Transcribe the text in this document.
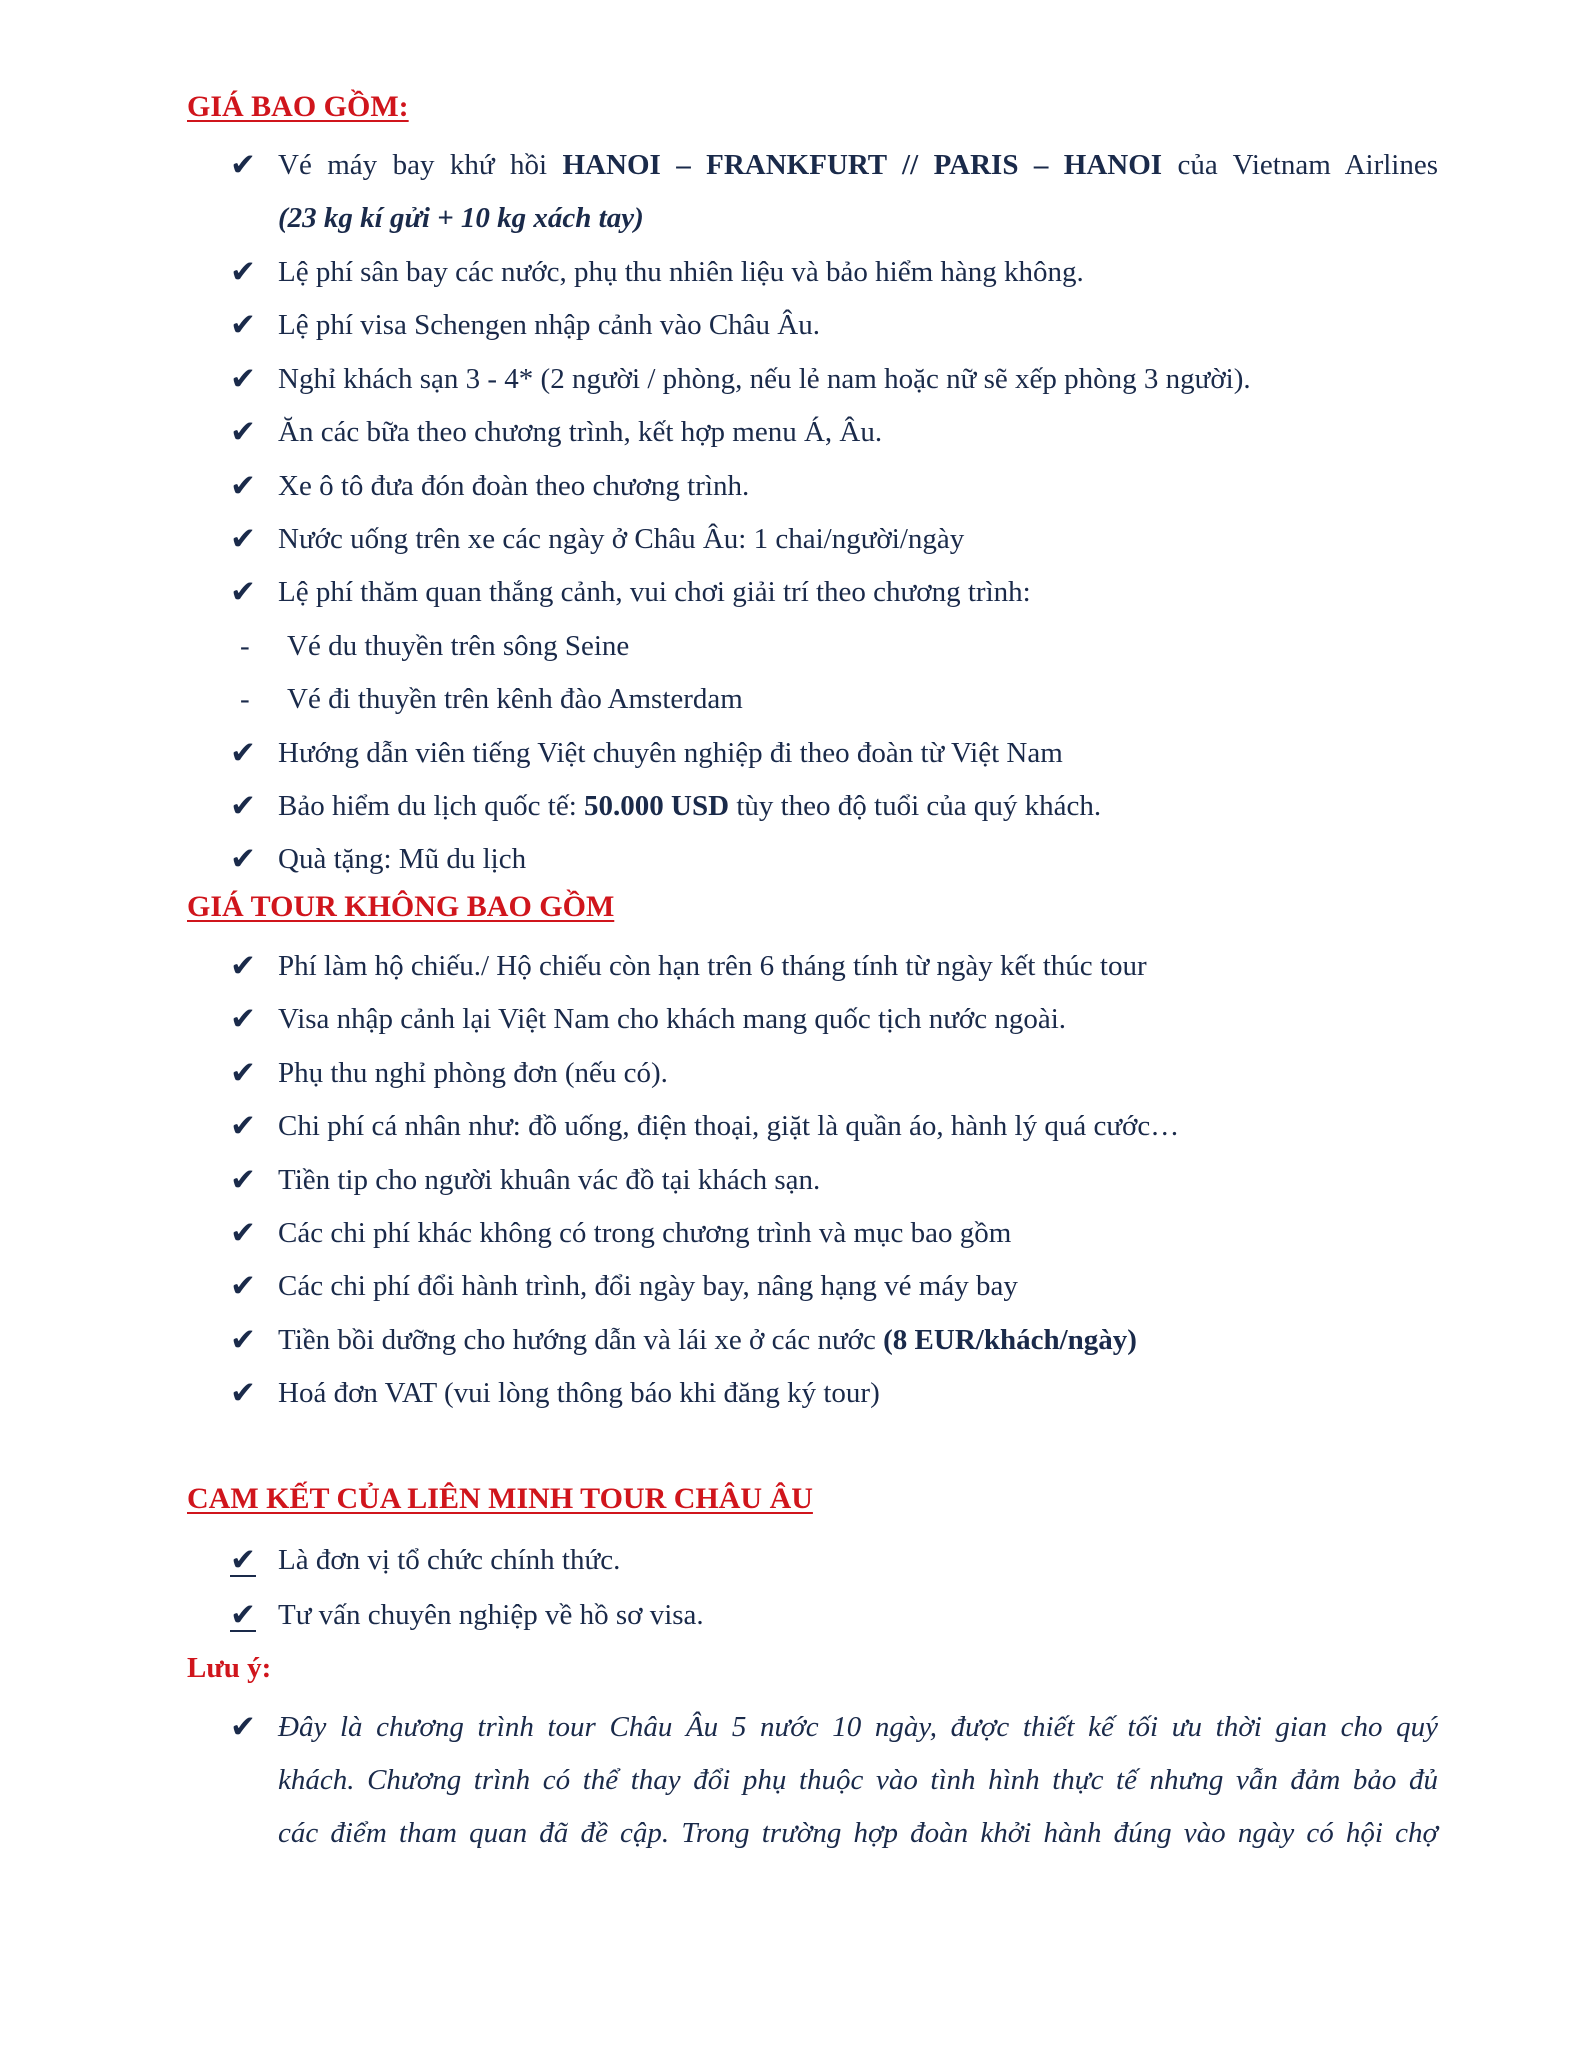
GIÁ BAO GỒM:
✔ Vé máy bay khứ hồi HANOI – FRANKFURT // PARIS – HANOI của Vietnam Airlines
(23 kg kí gửi + 10 kg xách tay)
✔ Lệ phí sân bay các nước, phụ thu nhiên liệu và bảo hiểm hàng không.
✔ Lệ phí visa Schengen nhập cảnh vào Châu Âu.
✔ Nghỉ khách sạn 3 - 4* (2 người / phòng, nếu lẻ nam hoặc nữ sẽ xếp phòng 3 người).
✔ Ăn các bữa theo chương trình, kết hợp menu Á, Âu.
✔ Xe ô tô đưa đón đoàn theo chương trình.
✔ Nước uống trên xe các ngày ở Châu Âu: 1 chai/người/ngày
✔ Lệ phí thăm quan thắng cảnh, vui chơi giải trí theo chương trình:
- Vé du thuyền trên sông Seine
- Vé đi thuyền trên kênh đào Amsterdam
✔ Hướng dẫn viên tiếng Việt chuyên nghiệp đi theo đoàn từ Việt Nam
✔ Bảo hiểm du lịch quốc tế: 50.000 USD tùy theo độ tuổi của quý khách.
✔ Quà tặng: Mũ du lịch
GIÁ TOUR KHÔNG BAO GỒM
✔ Phí làm hộ chiếu./ Hộ chiếu còn hạn trên 6 tháng tính từ ngày kết thúc tour
✔ Visa nhập cảnh lại Việt Nam cho khách mang quốc tịch nước ngoài.
✔ Phụ thu nghỉ phòng đơn (nếu có).
✔ Chi phí cá nhân như: đồ uống, điện thoại, giặt là quần áo, hành lý quá cước…
✔ Tiền tip cho người khuân vác đồ tại khách sạn.
✔ Các chi phí khác không có trong chương trình và mục bao gồm
✔ Các chi phí đổi hành trình, đổi ngày bay, nâng hạng vé máy bay
✔ Tiền bồi dưỡng cho hướng dẫn và lái xe ở các nước (8 EUR/khách/ngày)
✔ Hoá đơn VAT (vui lòng thông báo khi đăng ký tour)
CAM KẾT CỦA LIÊN MINH TOUR CHÂU ÂU
✔ Là đơn vị tổ chức chính thức.
✔ Tư vấn chuyên nghiệp về hồ sơ visa.
Lưu ý:
✔ Đây là chương trình tour Châu Âu 5 nước 10 ngày, được thiết kế tối ưu thời gian cho quý
khách. Chương trình có thể thay đổi phụ thuộc vào tình hình thực tế nhưng vẫn đảm bảo đủ
các điểm tham quan đã đề cập. Trong trường hợp đoàn khởi hành đúng vào ngày có hội chợ
